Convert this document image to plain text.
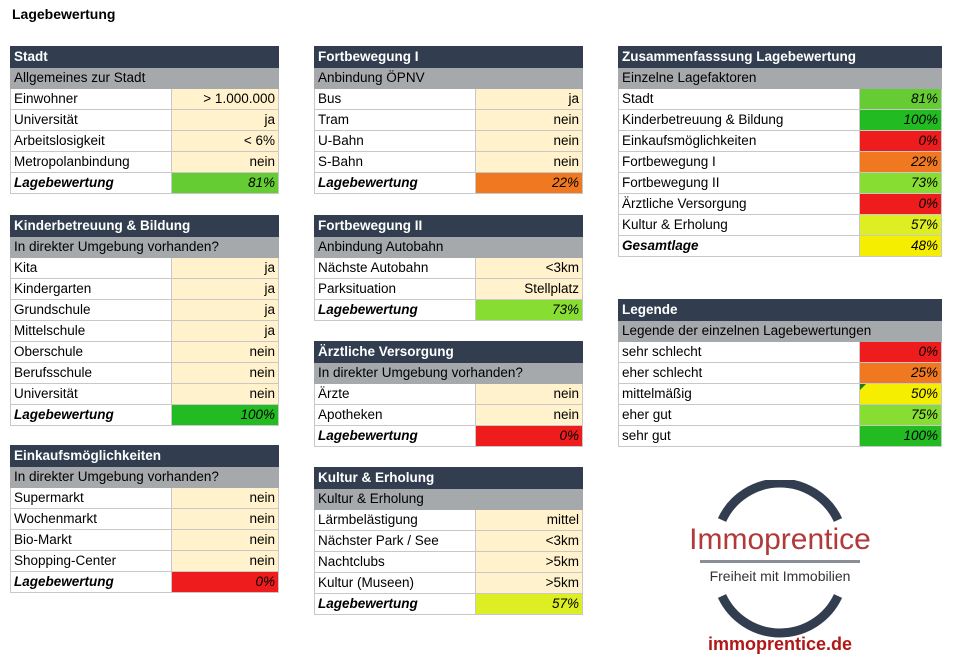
Lagebewertung
Stadt	
Allgemeines zur Stadt	
Einwohner	> 1.000.000
Universität	ja
Arbeitslosigkeit	< 6%
Metropolanbindung	nein
Lagebewertung	81%
Kinderbetreuung & Bildung	
In direkter Umgebung vorhanden?	
Kita	ja
Kindergarten	ja
Grundschule	ja
Mittelschule	ja
Oberschule	nein
Berufsschule	nein
Universität	nein
Lagebewertung	100%
Einkaufsmöglichkeiten	
In direkter Umgebung vorhanden?	
Supermarkt	nein
Wochenmarkt	nein
Bio-Markt	nein
Shopping-Center	nein
Lagebewertung	0%
Fortbewegung I	
Anbindung ÖPNV	
Bus	ja
Tram	nein
U-Bahn	nein
S-Bahn	nein
Lagebewertung	22%
Fortbewegung II	
Anbindung Autobahn	
Nächste Autobahn	<3km
Parksituation	Stellplatz
Lagebewertung	73%
Ärztliche Versorgung	
In direkter Umgebung vorhanden?	
Ärzte	nein
Apotheken	nein
Lagebewertung	0%
Kultur & Erholung	
Kultur & Erholung	
Lärmbelästigung	mittel
Nächster Park / See	<3km
Nachtclubs	>5km
Kultur (Museen)	>5km
Lagebewertung	57%
Zusammenfasssung Lagebewertung	
Einzelne Lagefaktoren	
Stadt	81%
Kinderbetreuung & Bildung	100%
Einkaufsmöglichkeiten	0%
Fortbewegung I	22%
Fortbewegung II	73%
Ärztliche Versorgung	0%
Kultur & Erholung	57%
Gesamtlage	48%
Legende	
Legende der einzelnen Lagebewertungen	
sehr schlecht	0%
eher schlecht	25%
mittelmäßig	50%
eher gut	75%
sehr gut	100%
Immoprentice
Freiheit mit Immobilien
immoprentice.de
